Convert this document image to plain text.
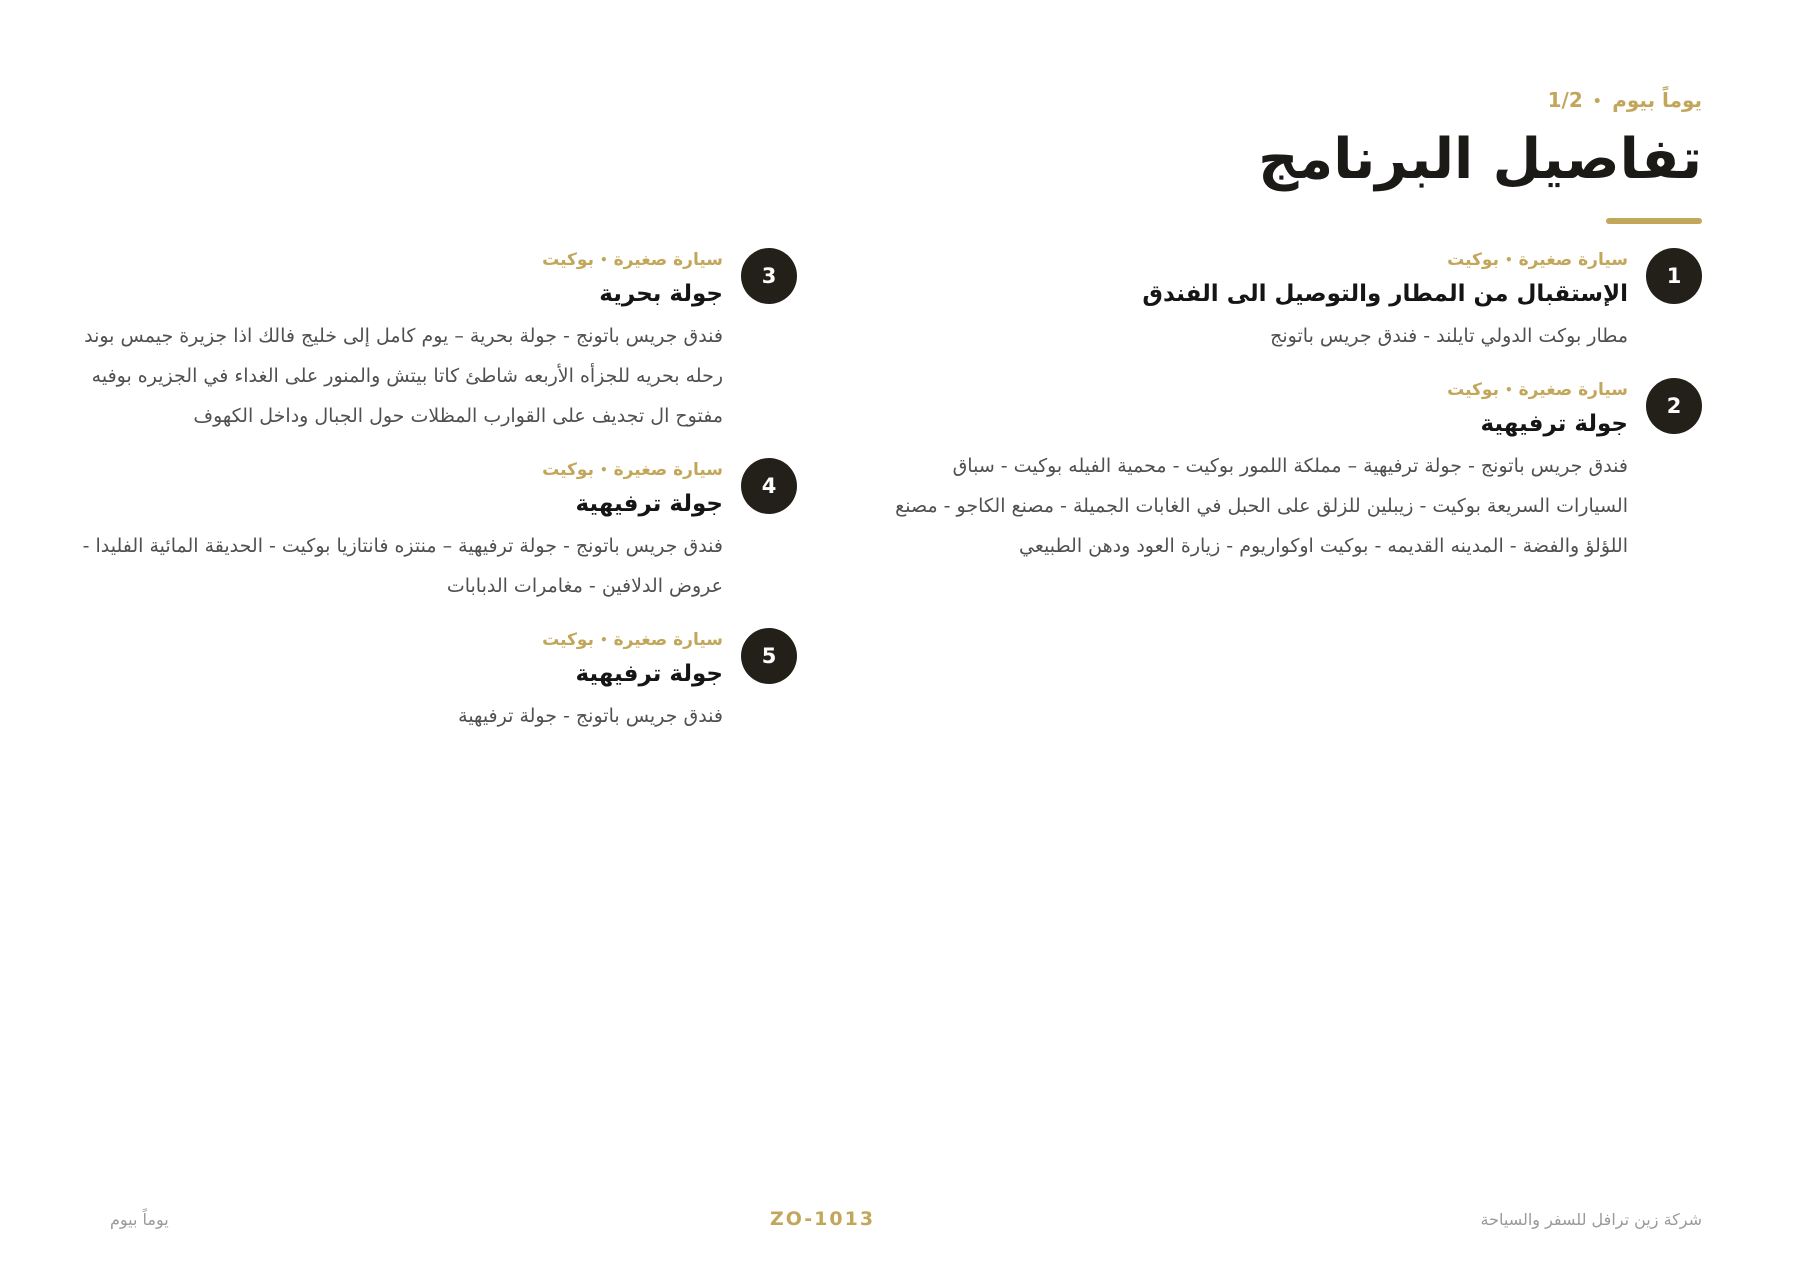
يوماً بيوم•1/2
تفاصيل البرنامج
1
سيارة صغيرة•بوكيت
الإستقبال من المطار والتوصيل الى الفندق

مطار بوكت الدولي تايلند - فندق جريس باتونج

2
سيارة صغيرة•بوكيت
جولة ترفيهية

فندق جريس باتونج - جولة ترفيهية – مملكة اللمور بوكيت - محمية الفيله بوكيت - سباق السيارات السريعة بوكيت - زيبلين للزلق على الحبل في الغابات الجميلة - مصنع الكاجو - مصنع اللؤلؤ والفضة - المدينه القديمه - بوكيت اوكواريوم - زيارة العود ودهن الطبيعي

3
سيارة صغيرة•بوكيت
جولة بحرية

فندق جريس باتونج - جولة بحرية – يوم كامل إلى خليج فالك اذا جزيرة جيمس بوند رحله بحريه للجزأه الأربعه شاطئ كاتا بيتش والمنور على الغداء في الجزيره بوفيه مفتوح ال تجديف على القوارب المظلات حول الجبال وداخل الكهوف

4
سيارة صغيرة•بوكيت
جولة ترفيهية

فندق جريس باتونج - جولة ترفيهية – منتزه فانتازيا بوكيت - الحديقة المائية الفليدا - عروض الدلافين - مغامرات الدبابات

5
سيارة صغيرة•بوكيت
جولة ترفيهية

فندق جريس باتونج - جولة ترفيهية

شركة زين ترافل للسفر والسياحة
ZO-1013
يوماً بيوم
